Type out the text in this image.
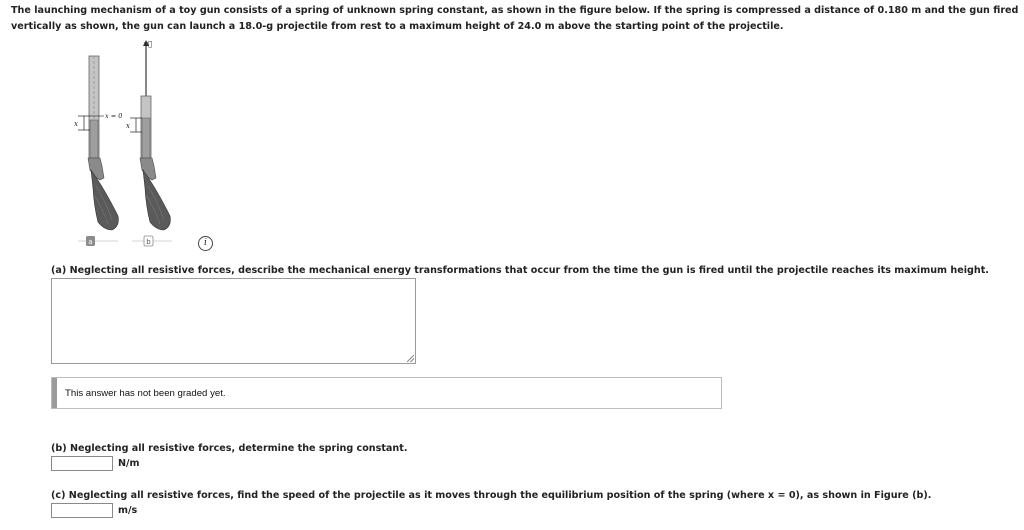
The launching mechanism of a toy gun consists of a spring of unknown spring constant, as shown in the figure below. If the spring is compressed a distance of 0.180 m and the gun fired vertically as shown, the gun can launch a 18.0-g projectile from rest to a maximum height of 24.0 m above the starting point of the projectile.
x
x = 0
v⃗
x
a	b	i
(a) Neglecting all resistive forces, describe the mechanical energy transformations that occur from the time the gun is fired until the projectile reaches its maximum height.
This answer has not been graded yet.
(b) Neglecting all resistive forces, determine the spring constant.
N/m
(c) Neglecting all resistive forces, find the speed of the projectile as it moves through the equilibrium position of the spring (where x = 0), as shown in Figure (b).
m/s
